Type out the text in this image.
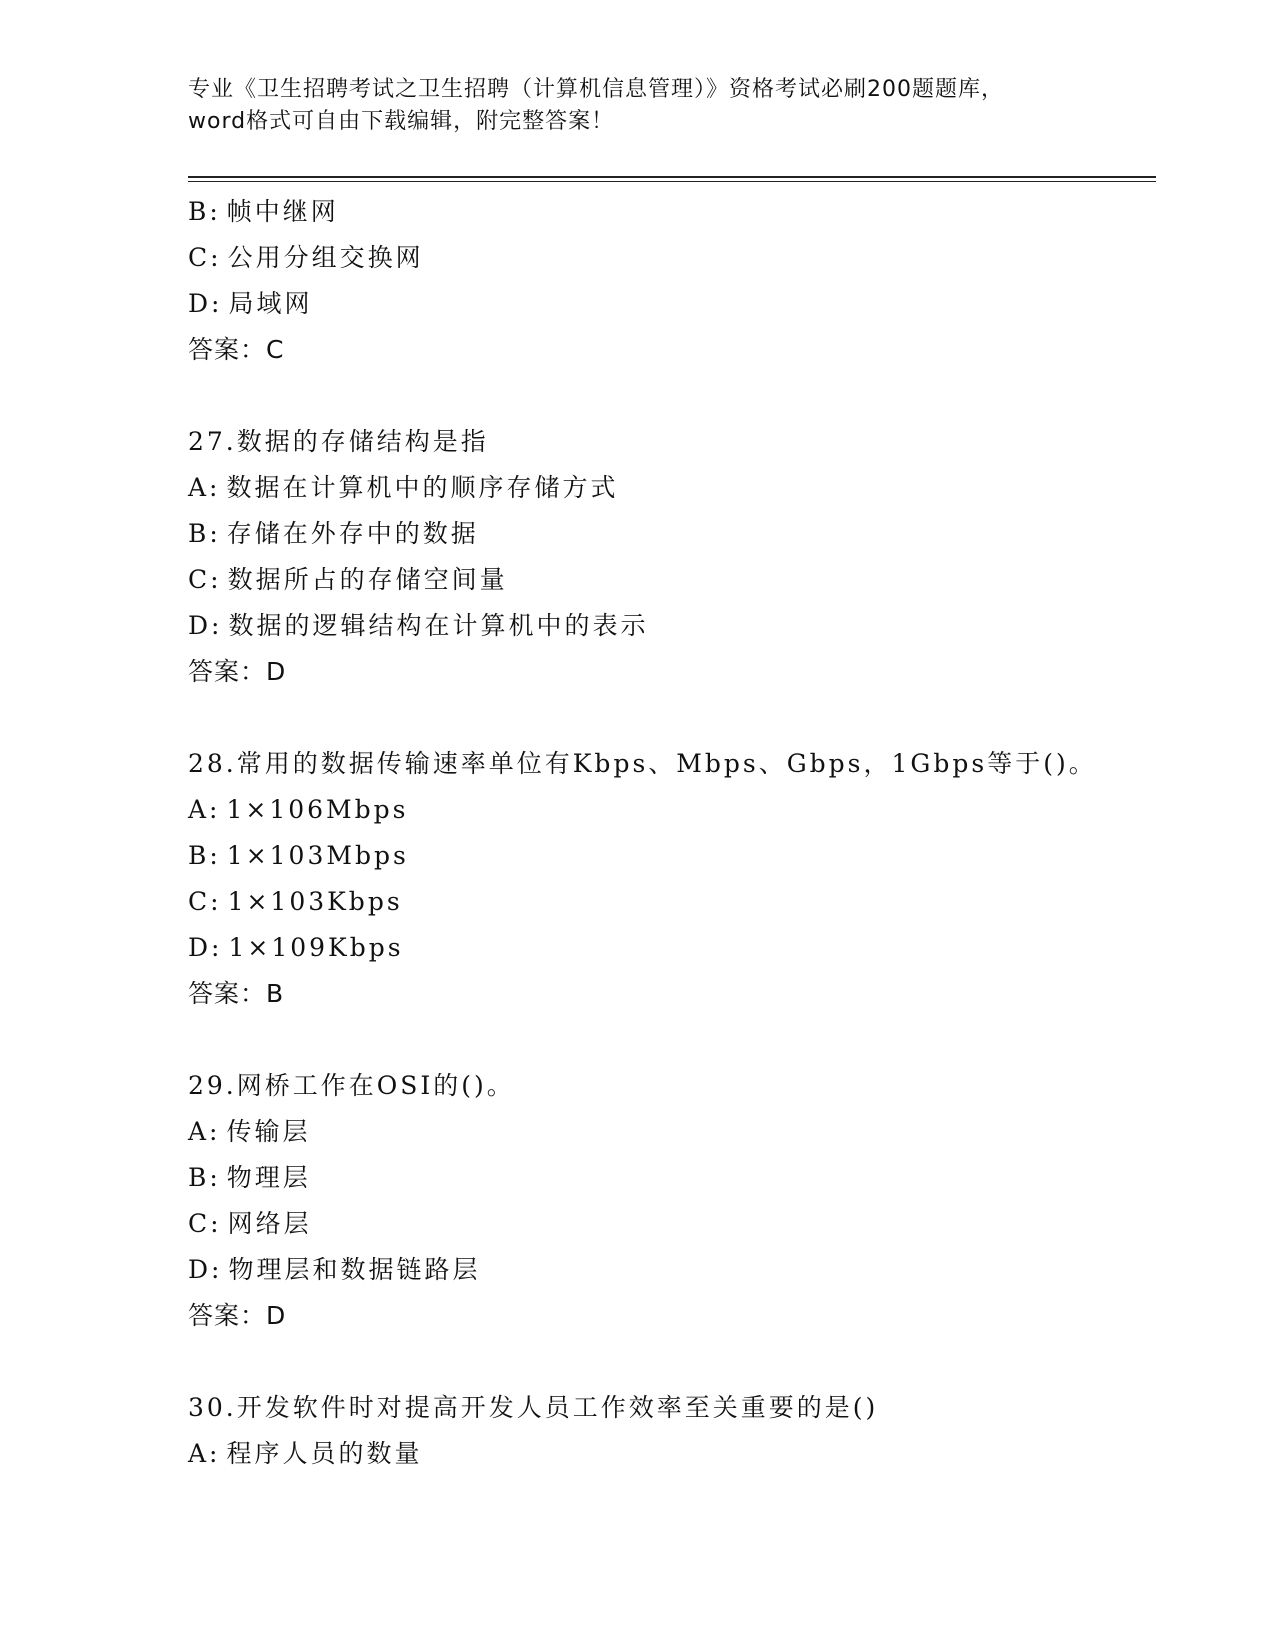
专业《卫生招聘考试之卫生招聘（计算机信息管理）》资格考试必刷200题题库，
word格式可自由下载编辑，附完整答案！
B: 帧中继网
C: 公用分组交换网
D: 局域网
答案：C
27.数据的存储结构是指
A: 数据在计算机中的顺序存储方式
B: 存储在外存中的数据
C: 数据所占的存储空间量
D: 数据的逻辑结构在计算机中的表示
答案：D
28.常用的数据传输速率单位有Kbps、Mbps、Gbps，1Gbps等于()。
A: 1×106Mbps
B: 1×103Mbps
C: 1×103Kbps
D: 1×109Kbps
答案：B
29.网桥工作在OSI的()。
A: 传输层
B: 物理层
C: 网络层
D: 物理层和数据链路层
答案：D
30.开发软件时对提高开发人员工作效率至关重要的是()
A: 程序人员的数量
